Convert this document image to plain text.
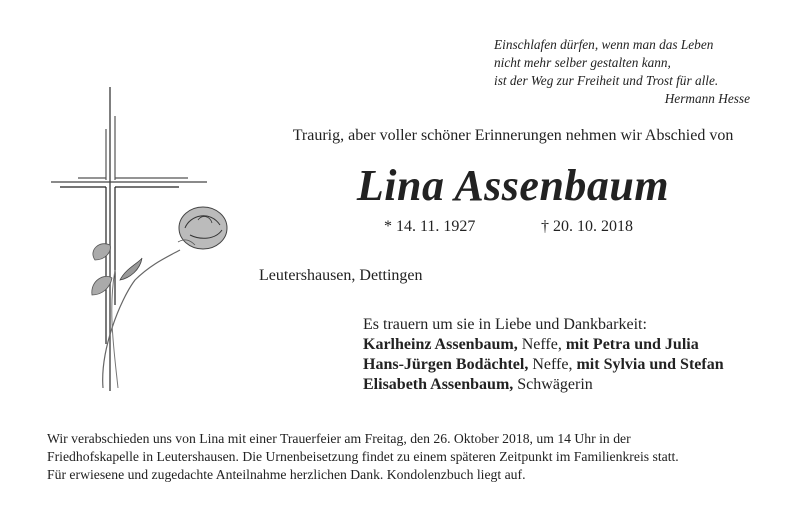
Einschlafen dürfen, wenn man das Leben
nicht mehr selber gestalten kann,
ist der Weg zur Freiheit und Trost für alle.
Hermann Hesse
Traurig, aber voller schöner Erinnerungen nehmen wir Abschied von
Lina Assenbaum
* 14. 11. 1927	† 20. 10. 2018
Leutershausen, Dettingen
Es trauern um sie in Liebe und Dankbarkeit:
Karlheinz Assenbaum, Neffe, mit Petra und Julia
Hans-Jürgen Bodächtel, Neffe, mit Sylvia und Stefan
Elisabeth Assenbaum, Schwägerin
Wir verabschieden uns von Lina mit einer Trauerfeier am Freitag, den 26. Oktober 2018, um 14 Uhr in der
Friedhofskapelle in Leutershausen. Die Urnenbeisetzung findet zu einem späteren Zeitpunkt im Familienkreis statt.
Für erwiesene und zugedachte Anteilnahme herzlichen Dank. Kondolenzbuch liegt auf.
